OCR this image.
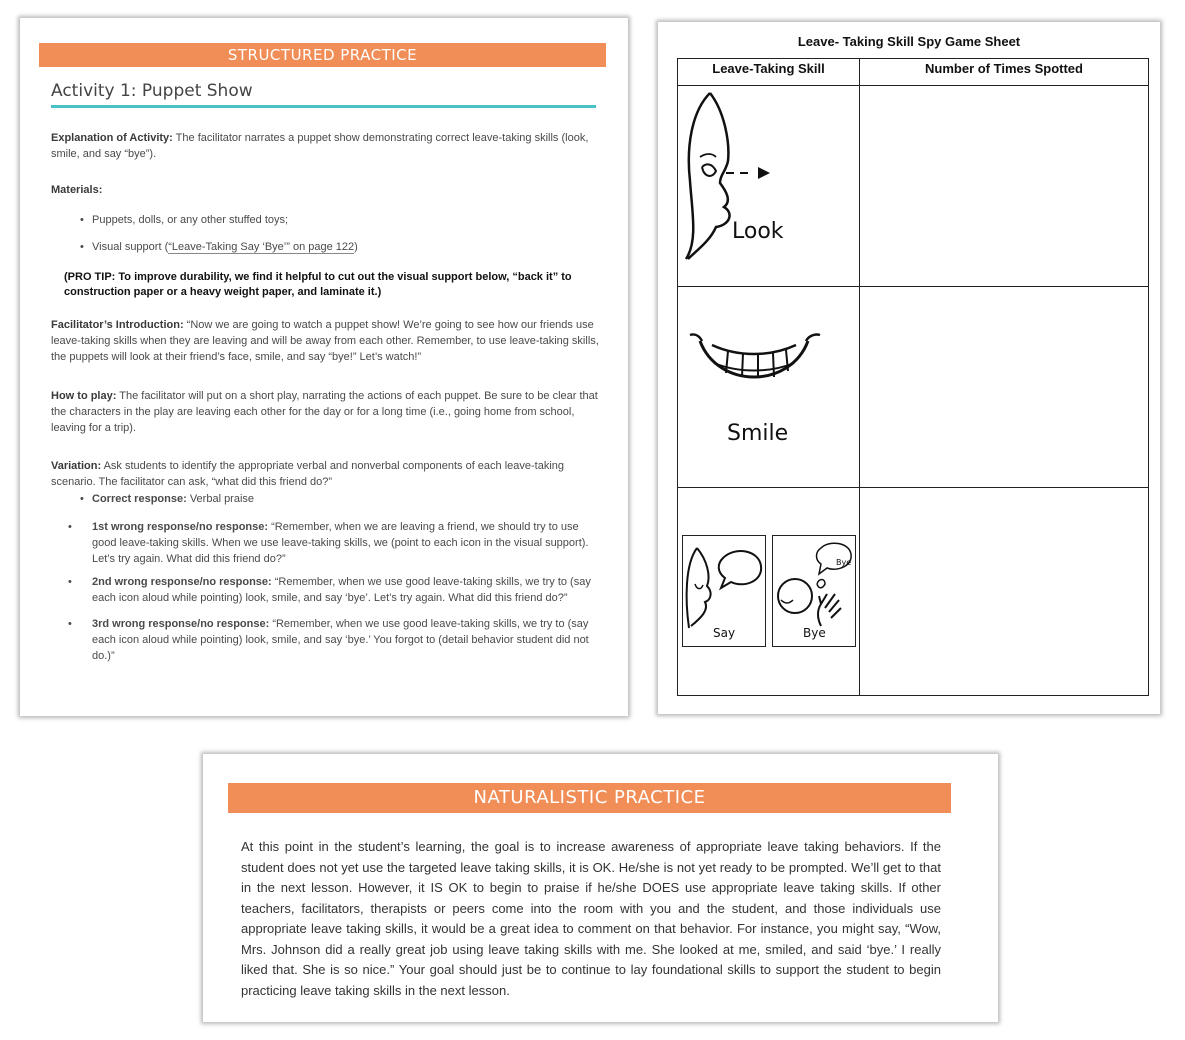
STRUCTURED PRACTICE
Activity 1: Puppet Show
Explanation of Activity: The facilitator narrates a puppet show demonstrating correct leave-taking skills (look, smile, and say “bye”).
Materials:
• Puppets, dolls, or any other stuffed toys;
• Visual support (“Leave-Taking Say ‘Bye’” on page 122)
(PRO TIP: To improve durability, we find it helpful to cut out the visual support below, “back it” to construction paper or a heavy weight paper, and laminate it.)
Facilitator’s Introduction: “Now we are going to watch a puppet show! We’re going to see how our friends use leave-taking skills when they are leaving and will be away from each other. Remember, to use leave-taking skills, the puppets will look at their friend’s face, smile, and say “bye!” Let’s watch!”
How to play: The facilitator will put on a short play, narrating the actions of each puppet. Be sure to be clear that the characters in the play are leaving each other for the day or for a long time (i.e., going home from school, leaving for a trip).
Variation: Ask students to identify the appropriate verbal and nonverbal components of each leave-taking scenario. The facilitator can ask, “what did this friend do?”
• Correct response: Verbal praise
• 1st wrong response/no response: “Remember, when we are leaving a friend, we should try to use good leave-taking skills. When we use leave-taking skills, we (point to each icon in the visual support). Let’s try again. What did this friend do?”
• 2nd wrong response/no response: “Remember, when we use good leave-taking skills, we try to (say each icon aloud while pointing) look, smile, and say ‘bye’. Let’s try again. What did this friend do?”
• 3rd wrong response/no response: “Remember, when we use good leave-taking skills, we try to (say each icon aloud while pointing) look, smile, and say ‘bye.’ You forgot to (detail behavior student did not do.)”
Leave- Taking Skill Spy Game Sheet
Leave-Taking Skill	Number of Times Spotted
Look
Smile
Say
Bye
Bye
NATURALISTIC PRACTICE
At this point in the student’s learning, the goal is to increase awareness of appropriate leave taking behaviors. If the student does not yet use the targeted leave taking skills, it is OK. He/she is not yet ready to be prompted. We’ll get to that in the next lesson. However, it IS OK to begin to praise if he/she DOES use appropriate leave taking skills. If other teachers, facilitators, therapists or peers come into the room with you and the student, and those individuals use appropriate leave taking skills, it would be a great idea to comment on that behavior. For instance, you might say, “Wow, Mrs. Johnson did a really great job using leave taking skills with me. She looked at me, smiled, and said ‘bye.’ I really liked that. She is so nice.” Your goal should just be to continue to lay foundational skills to support the student to begin practicing leave taking skills in the next lesson.
